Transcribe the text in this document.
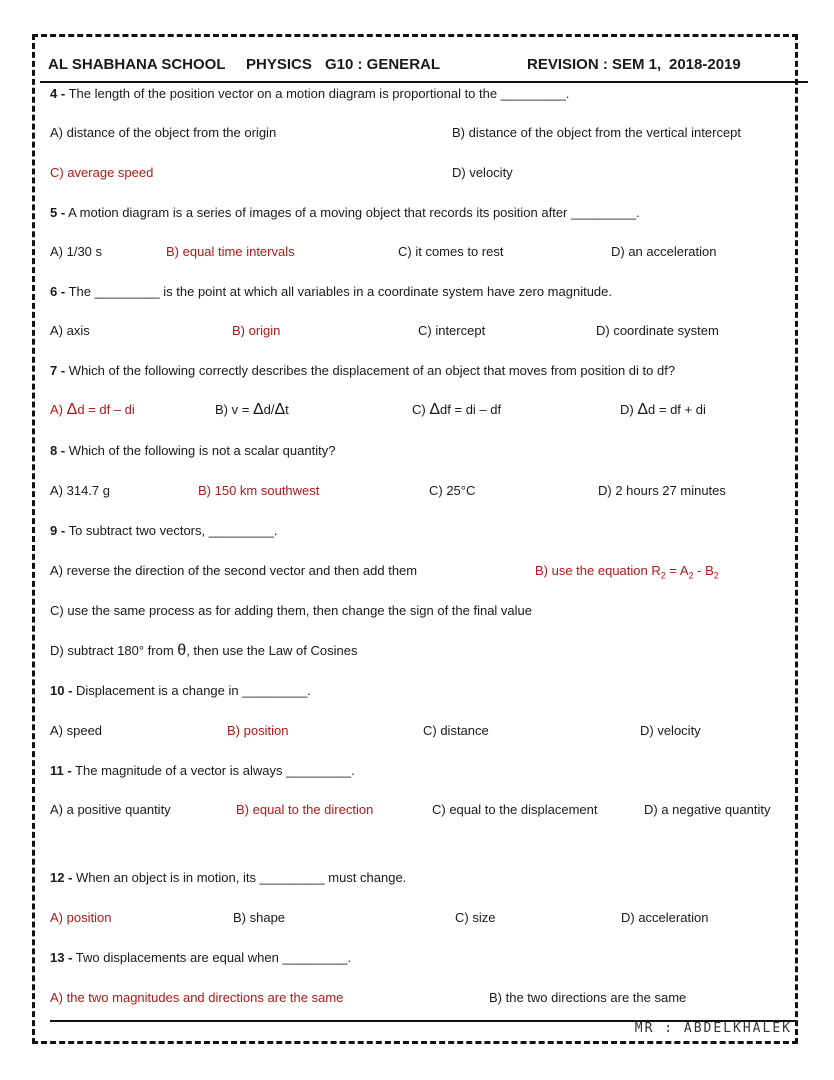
AL SHABHANA SCHOOL PHYSICS G10 : GENERAL	REVISION : SEM 1, 2018-2019
4 - The length of the position vector on a motion diagram is proportional to the _________.
A) distance of the object from the origin	B) distance of the object from the vertical intercept
C) average speed	D) velocity
5 - A motion diagram is a series of images of a moving object that records its position after _________.
A) 1/30 s	B) equal time intervals	C) it comes to rest	D) an acceleration
6 - The _________ is the point at which all variables in a coordinate system have zero magnitude.
A) axis	B) origin	C) intercept	D) coordinate system
7 - Which of the following correctly describes the displacement of an object that moves from position di to df?
A) Δd = df – di	B) v = Δd/Δt	C) Δdf = di – df	D) Δd = df + di
8 - Which of the following is not a scalar quantity?
A) 314.7 g	B) 150 km southwest	C) 25°C	D) 2 hours 27 minutes
9 - To subtract two vectors, _________.
A) reverse the direction of the second vector and then add them	B) use the equation $R_2 = A_2 - B_2$
C) use the same process as for adding them, then change the sign of the final value
D) subtract 180° from θ, then use the Law of Cosines
10 - Displacement is a change in _________.
A) speed	B) position	C) distance	D) velocity
11 - The magnitude of a vector is always _________.
A) a positive quantity	B) equal to the direction	C) equal to the displacement	D) a negative quantity
12 - When an object is in motion, its _________ must change.
A) position	B) shape	C) size	D) acceleration
13 - Two displacements are equal when _________.
A) the two magnitudes and directions are the same	B) the two directions are the same
MR : ABDELKHALEK
